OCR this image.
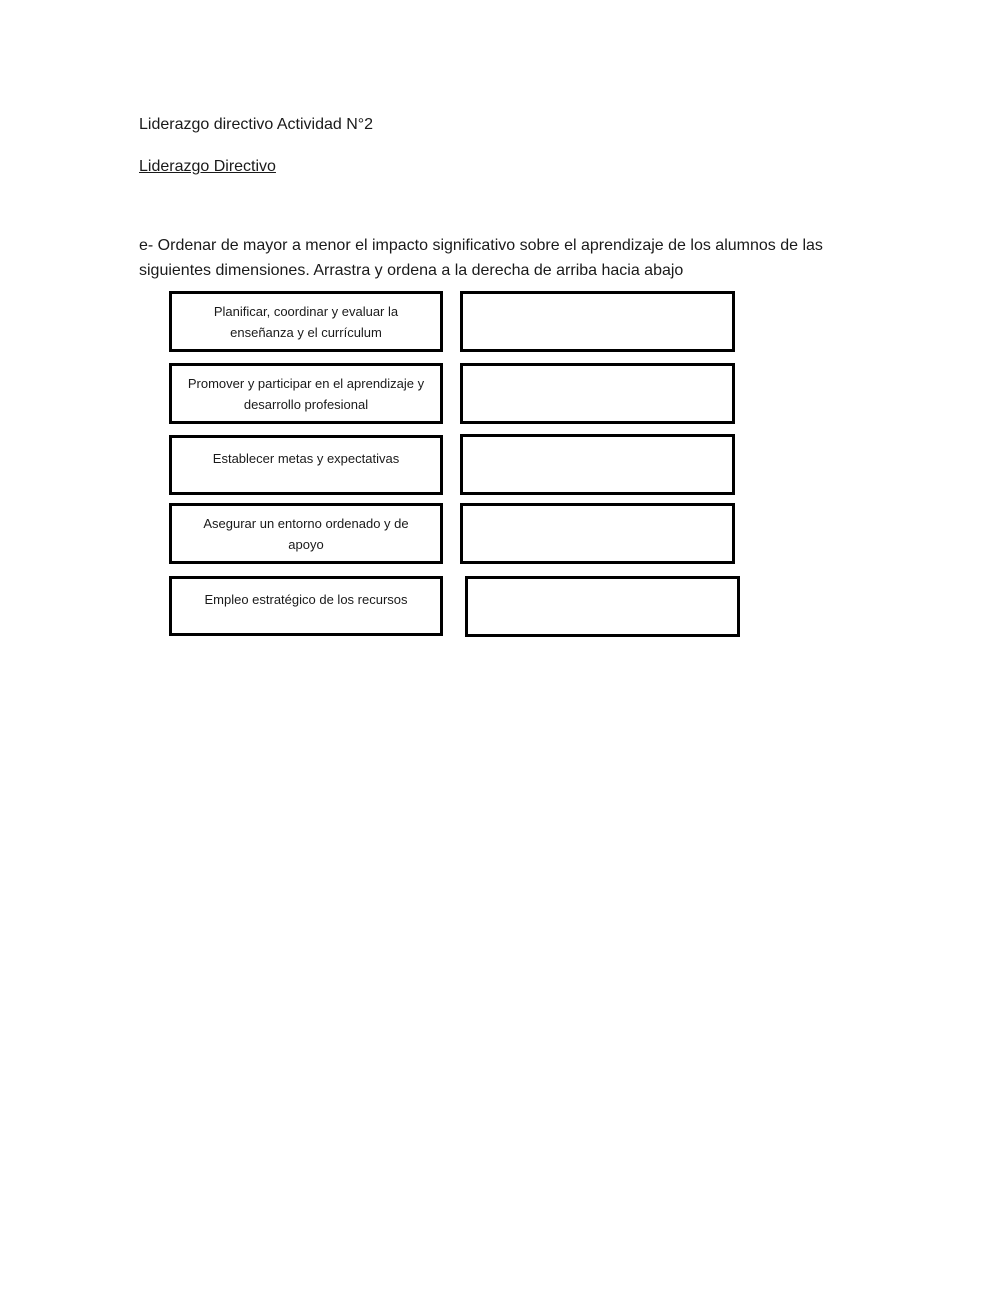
Liderazgo directivo Actividad N°2
Liderazgo Directivo
e- Ordenar de mayor a menor el impacto significativo sobre el aprendizaje de los alumnos de las siguientes dimensiones. Arrastra y ordena a la derecha de arriba hacia abajo
Planificar, coordinar y evaluar la enseñanza y el currículum
Promover y participar en el aprendizaje y desarrollo profesional
Establecer metas y expectativas
Asegurar un entorno ordenado y de apoyo
Empleo estratégico de los recursos
